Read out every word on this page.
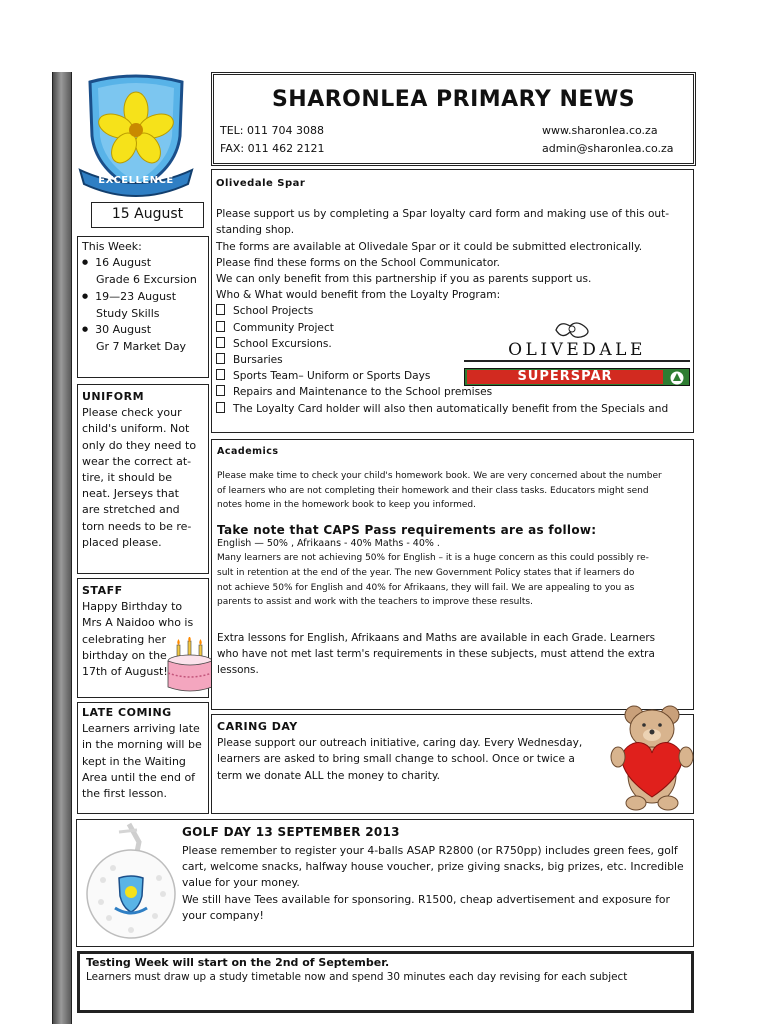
EXCELLENCE
15 August
This Week:
● 16 August
Grade 6 Excursion
● 19—23 August
Study Skills
● 30 August
Gr 7 Market Day
UNIFORM
Please check your
child's uniform. Not
only do they need to
wear the correct at-
tire, it should be
neat. Jerseys that
are stretched and
torn needs to be re-
placed please.
STAFF
Happy Birthday to
Mrs A Naidoo who is
celebrating her
birthday on the
17th of August!
LATE COMING
Learners arriving late
in the morning will be
kept in the Waiting
Area until the end of
the first lesson.
SHARONLEA PRIMARY NEWS
TEL: 011 704 3088
FAX: 011 462 2121
www.sharonlea.co.za
admin@sharonlea.co.za
Olivedale Spar
Please support us by completing a Spar loyalty card form and making use of this out-
standing shop.
The forms are available at Olivedale Spar or it could be submitted electronically.
Please find these forms on the School Communicator.
We can only benefit from this partnership if you as parents support us.
Who & What would benefit from the Loyalty Program:
School Projects
Community Project
School Excursions.
Bursaries
Sports Team– Uniform or Sports Days
Repairs and Maintenance to the School premises
The Loyalty Card holder will also then automatically benefit from the Specials and
OLIVEDALE
SUPERSPAR
Academics
Please make time to check your child's homework book. We are very concerned about the number
of learners who are not completing their homework and their class tasks. Educators might send
notes home in the homework book to keep you informed.
Take note that CAPS Pass requirements are as follow:
English — 50% , Afrikaans - 40% Maths - 40% .
Many learners are not achieving 50% for English – it is a huge concern as this could possibly re-
sult in retention at the end of the year. The new Government Policy states that if learners do
not achieve 50% for English and 40% for Afrikaans, they will fail. We are appealing to you as
parents to assist and work with the teachers to improve these results.
Extra lessons for English, Afrikaans and Maths are available in each Grade. Learners
who have not met last term's requirements in these subjects, must attend the extra
lessons.
CARING DAY
Please support our outreach initiative, caring day. Every Wednesday,
learners are asked to bring small change to school. Once or twice a
term we donate ALL the money to charity.
GOLF DAY 13 SEPTEMBER 2013
Please remember to register your 4-balls ASAP R2800 (or R750pp) includes green fees, golf
cart, welcome snacks, halfway house voucher, prize giving snacks, big prizes, etc. Incredible
value for your money.
We still have Tees available for sponsoring. R1500, cheap advertisement and exposure for
your company!
Testing Week will start on the 2nd of September.
Learners must draw up a study timetable now and spend 30 minutes each day revising for each subject
